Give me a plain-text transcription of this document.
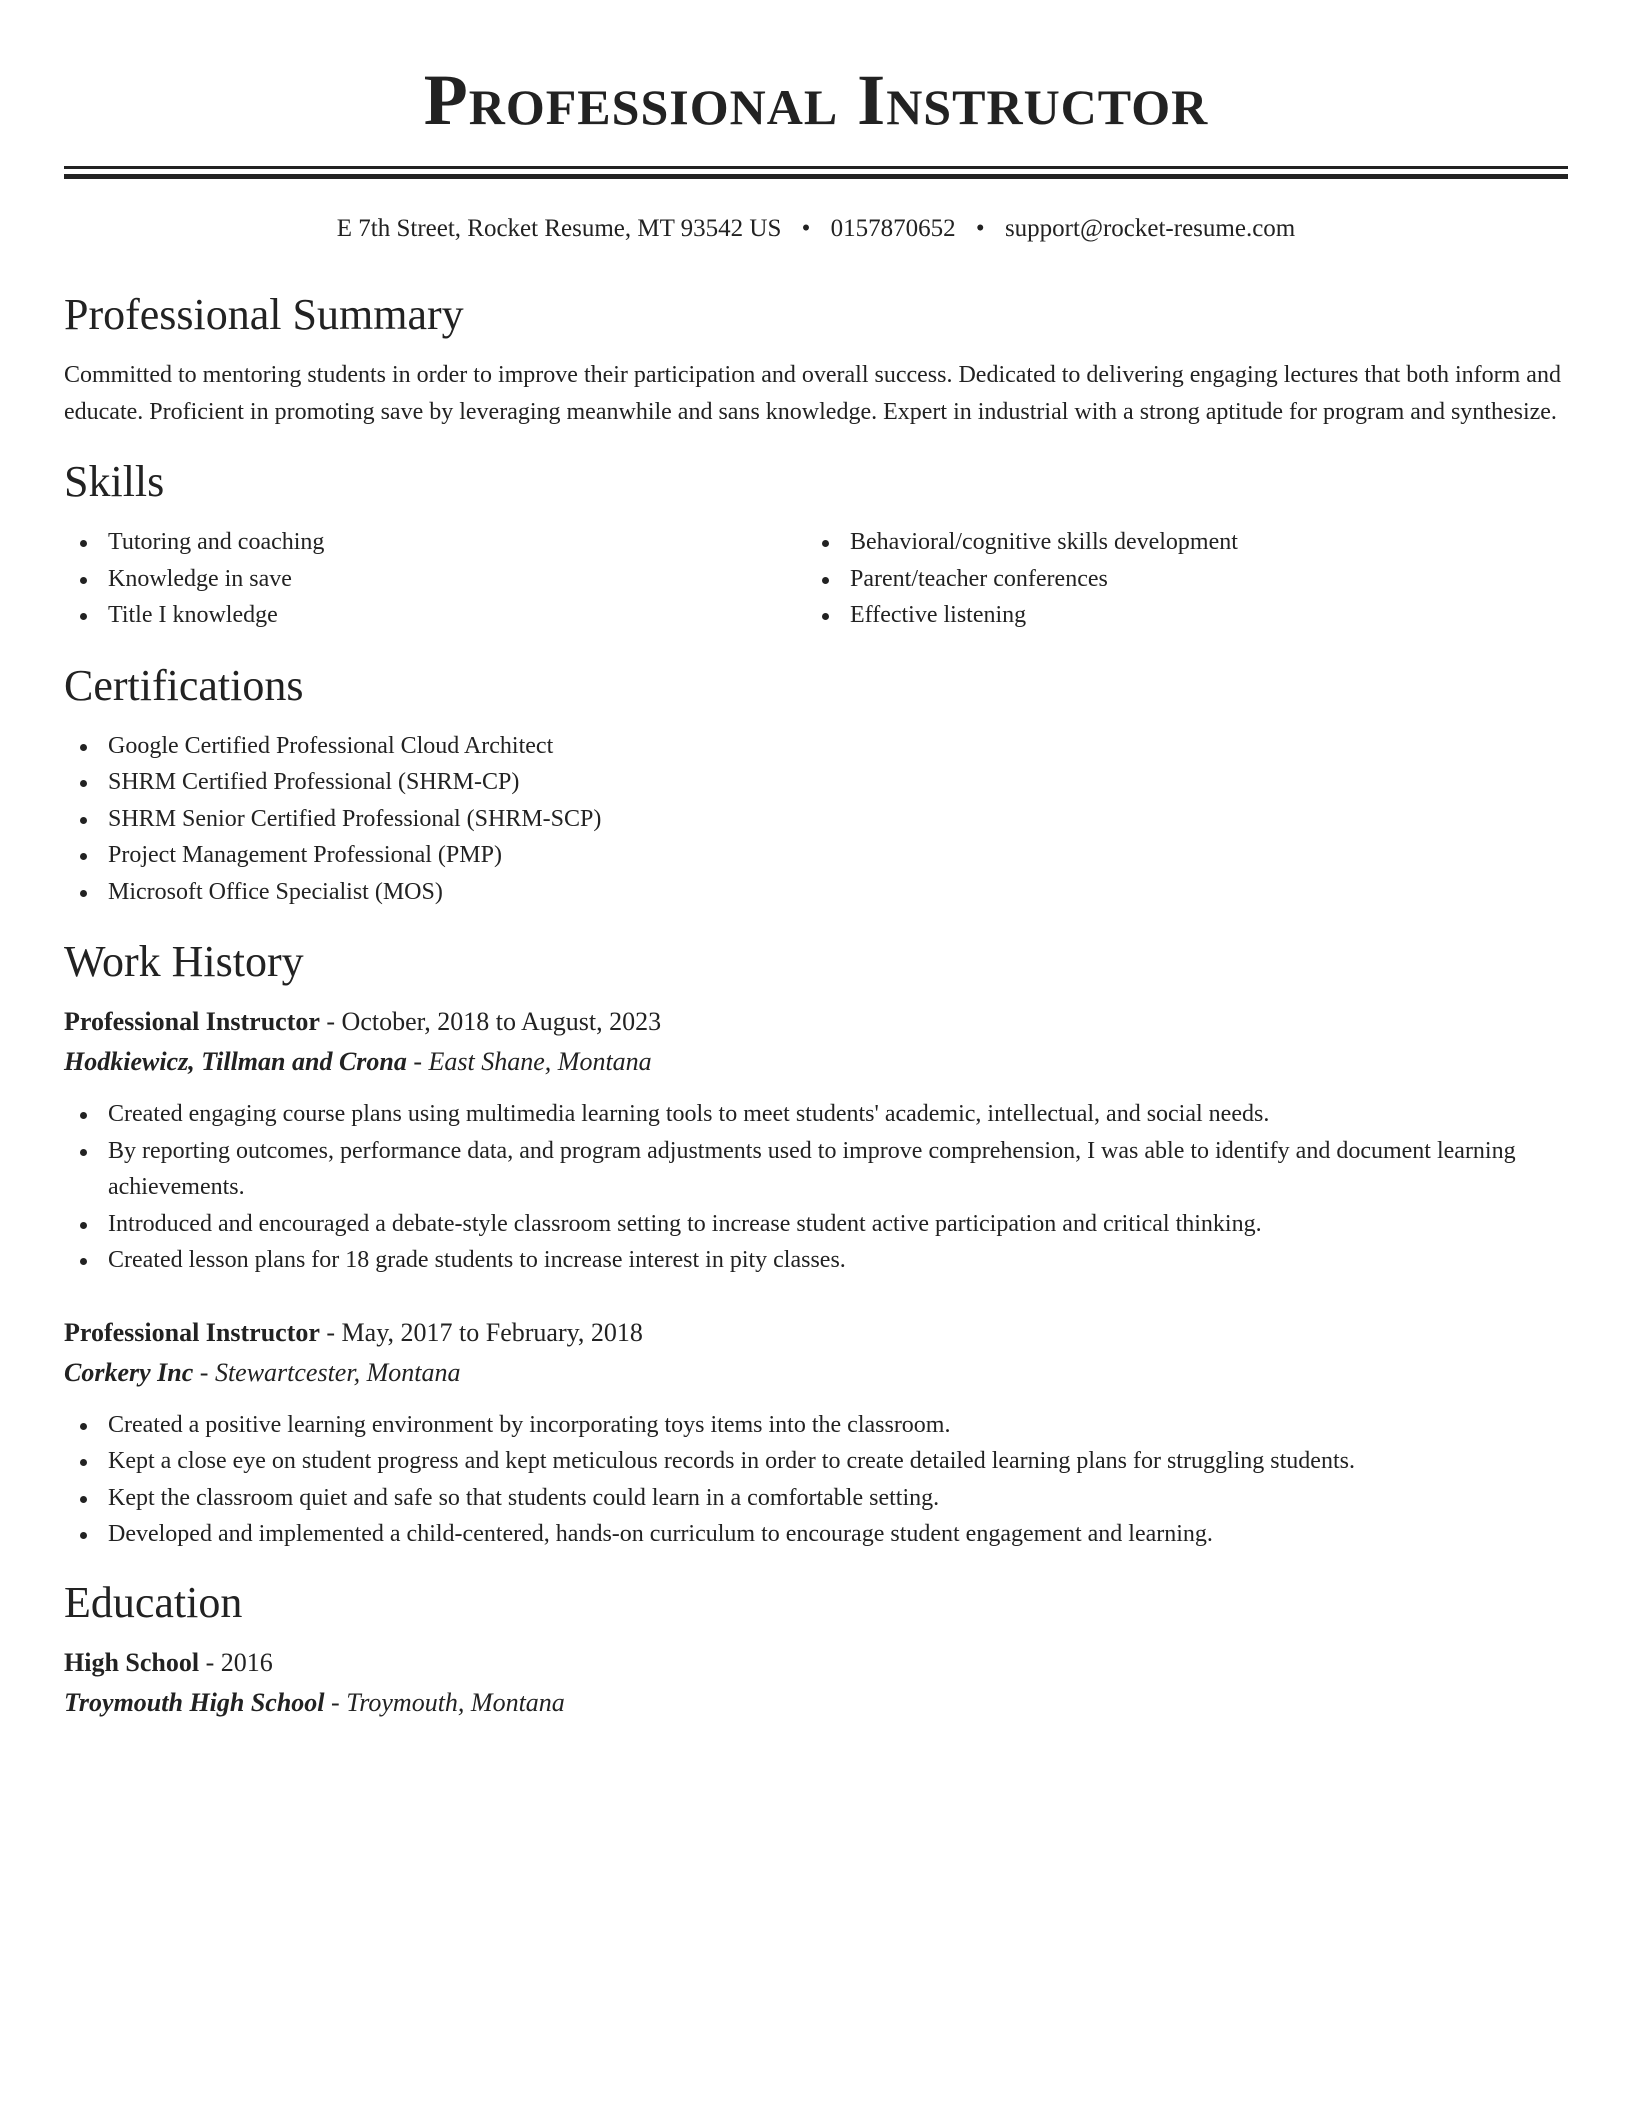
Professional Instructor
E 7th Street, Rocket Resume, MT 93542 US • 0157870652 • support@rocket-resume.com
Professional Summary

Committed to mentoring students in order to improve their participation and overall success. Dedicated to delivering engaging lectures that both inform and educate. Proficient in promoting save by leveraging meanwhile and sans knowledge. Expert in industrial with a strong aptitude for program and synthesize.

Skills
Tutoring and coaching
Knowledge in save
Title I knowledge
Behavioral/cognitive skills development
Parent/teacher conferences
Effective listening
Certifications
Google Certified Professional Cloud Architect
SHRM Certified Professional (SHRM-CP)
SHRM Senior Certified Professional (SHRM-SCP)
Project Management Professional (PMP)
Microsoft Office Specialist (MOS)
Work History
Professional Instructor - October, 2018 to August, 2023
Hodkiewicz, Tillman and Crona - East Shane, Montana
Created engaging course plans using multimedia learning tools to meet students' academic, intellectual, and social needs.
By reporting outcomes, performance data, and program adjustments used to improve comprehension, I was able to identify and document learning achievements.
Introduced and encouraged a debate-style classroom setting to increase student active participation and critical thinking.
Created lesson plans for 18 grade students to increase interest in pity classes.
Professional Instructor - May, 2017 to February, 2018
Corkery Inc - Stewartcester, Montana
Created a positive learning environment by incorporating toys items into the classroom.
Kept a close eye on student progress and kept meticulous records in order to create detailed learning plans for struggling students.
Kept the classroom quiet and safe so that students could learn in a comfortable setting.
Developed and implemented a child-centered, hands-on curriculum to encourage student engagement and learning.
Education
High School - 2016
Troymouth High School - Troymouth, Montana
